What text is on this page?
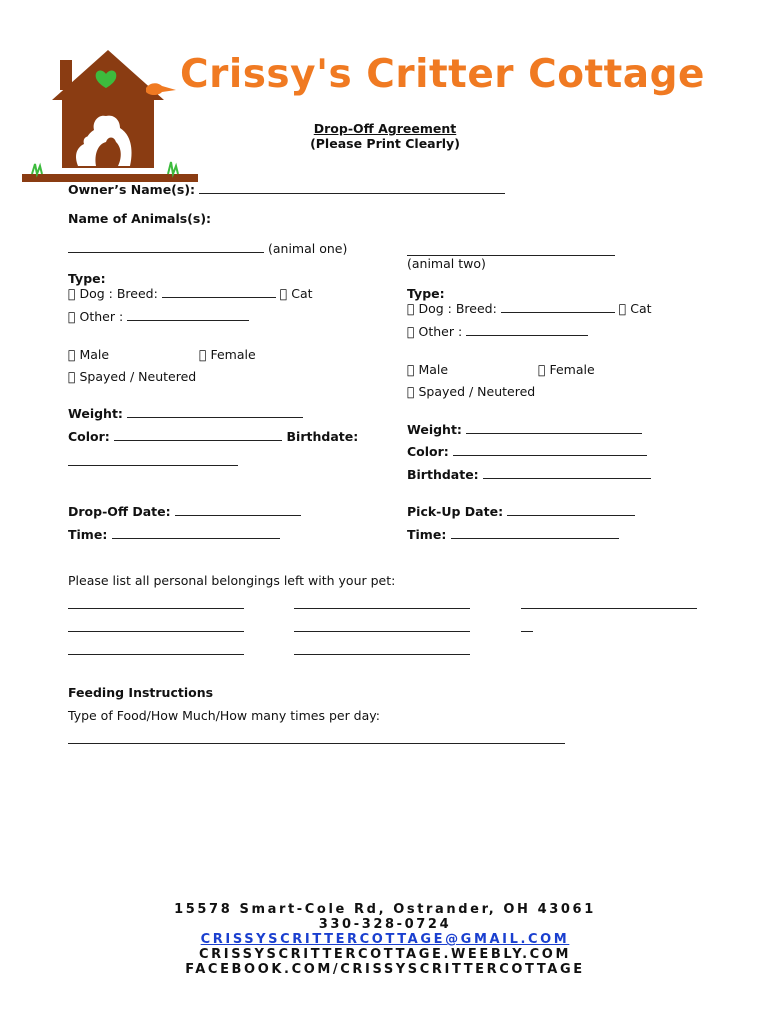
Crissy's Critter Cottage
Drop-Off Agreement
(Please Print Clearly)
Owner’s Name(s):
Name of Animals(s):
(animal one)
Type:
Dog : Breed:	Cat
Other :
Male	Female
Spayed / Neutered
Weight:
Color:	Birthdate:
(animal two)
Type:
Dog : Breed:	Cat
Other :
Male	Female
Spayed / Neutered
Weight:
Color:
Birthdate:
Drop-Off Date:
Time:
Pick-Up Date:
Time:
Please list all personal belongings left with your pet:
Feeding Instructions
Type of Food/How Much/How many times per day:
15578 Smart-Cole Rd, Ostrander, OH 43061
330-328-0724
CRISSYSCRITTERCOTTAGE@GMAIL.COM
CRISSYSCRITTERCOTTAGE.WEEBLY.COM
FACEBOOK.COM/CRISSYSCRITTERCOTTAGE
